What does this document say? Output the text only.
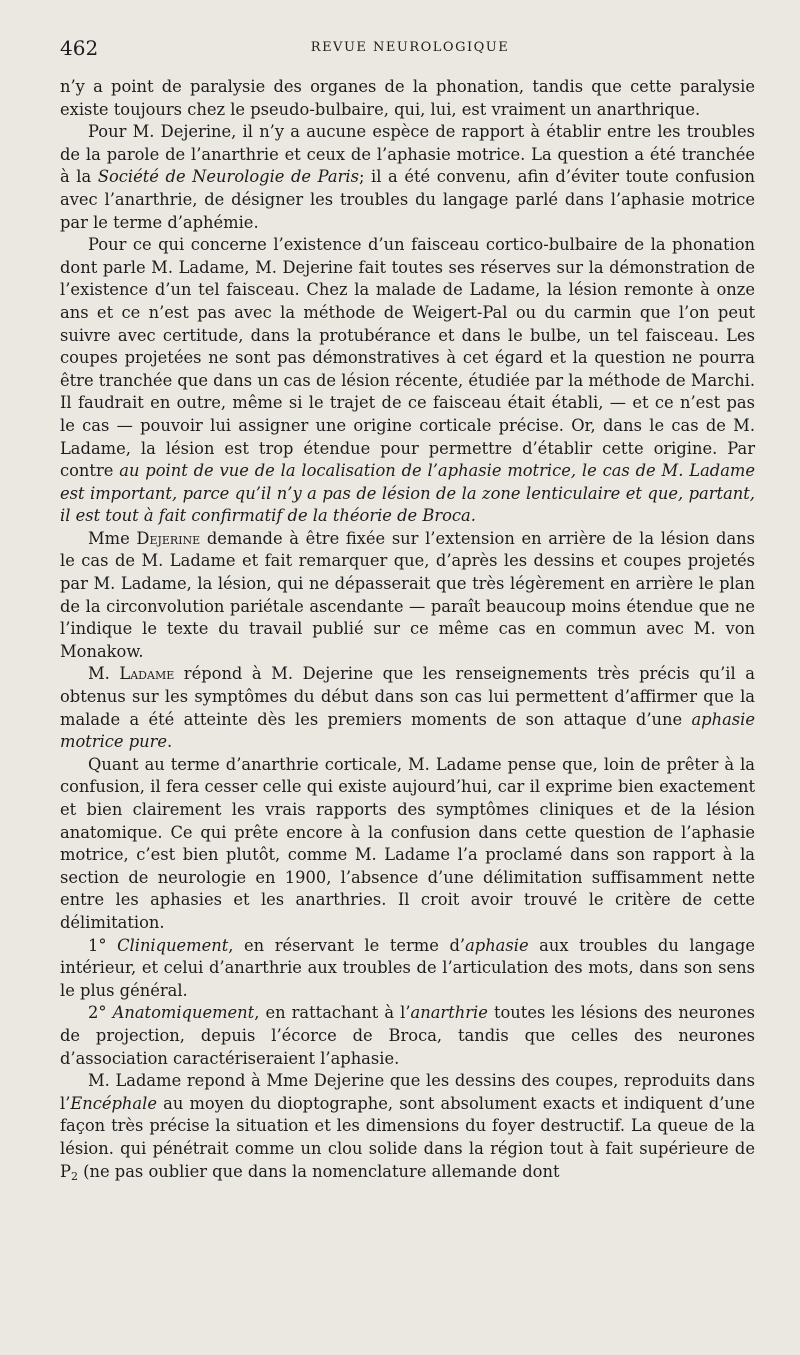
462	REVUE NEUROLOGIQUE

n’y a point de paralysie des organes de la phonation, tandis que cette paralysie existe toujours chez le pseudo-bulbaire, qui, lui, est vraiment un anarthrique.

Pour M. Dejerine, il n’y a aucune espèce de rapport à établir entre les troubles de la parole de l’anarthrie et ceux de l’aphasie motrice. La question a été tranchée à la Société de Neurologie de Paris; il a été convenu, afin d’éviter toute confusion avec l’anarthrie, de désigner les troubles du langage parlé dans l’aphasie motrice par le terme d’aphémie.

Pour ce qui concerne l’existence d’un faisceau cortico-bulbaire de la phonation dont parle M. Ladame, M. Dejerine fait toutes ses réserves sur la démonstration de l’existence d’un tel faisceau. Chez la malade de Ladame, la lésion remonte à onze ans et ce n’est pas avec la méthode de Weigert-Pal ou du carmin que l’on peut suivre avec certitude, dans la protubérance et dans le bulbe, un tel faisceau. Les coupes projetées ne sont pas démonstratives à cet égard et la question ne pourra être tranchée que dans un cas de lésion récente, étudiée par la méthode de Marchi. Il faudrait en outre, même si le trajet de ce faisceau était établi, — et ce n’est pas le cas — pouvoir lui assigner une origine corticale précise. Or, dans le cas de M. Ladame, la lésion est trop étendue pour permettre d’établir cette origine. Par contre au point de vue de la localisation de l’aphasie motrice, le cas de M. Ladame est important, parce qu’il n’y a pas de lésion de la zone lenticulaire et que, partant, il est tout à fait confirmatif de la théorie de Broca.

Mme Dejerine demande à être fixée sur l’extension en arrière de la lésion dans le cas de M. Ladame et fait remarquer que, d’après les dessins et coupes projetés par M. Ladame, la lésion, qui ne dépasserait que très légèrement en arrière le plan de la circonvolution pariétale ascendante — paraît beaucoup moins étendue que ne l’indique le texte du travail publié sur ce même cas en commun avec M. von Monakow.

M. Ladame répond à M. Dejerine que les renseignements très précis qu’il a obtenus sur les symptômes du début dans son cas lui permettent d’affirmer que la malade a été atteinte dès les premiers moments de son attaque d’une aphasie motrice pure.

Quant au terme d’anarthrie corticale, M. Ladame pense que, loin de prêter à la confusion, il fera cesser celle qui existe aujourd’hui, car il exprime bien exactement et bien clairement les vrais rapports des symptômes cliniques et de la lésion anatomique. Ce qui prête encore à la confusion dans cette question de l’aphasie motrice, c’est bien plutôt, comme M. Ladame l’a proclamé dans son rapport à la section de neurologie en 1900, l’absence d’une délimitation suffisamment nette entre les aphasies et les anarthries. Il croit avoir trouvé le critère de cette délimitation.

1° Cliniquement, en réservant le terme d’aphasie aux troubles du langage intérieur, et celui d’anarthrie aux troubles de l’articulation des mots, dans son sens le plus général.

2° Anatomiquement, en rattachant à l’anarthrie toutes les lésions des neurones de projection, depuis l’écorce de Broca, tandis que celles des neurones d’association caractériseraient l’aphasie.

M. Ladame repond à Mme Dejerine que les dessins des coupes, reproduits dans l’Encéphale au moyen du dioptographe, sont absolument exacts et indiquent d’une façon très précise la situation et les dimensions du foyer destructif. La queue de la lésion. qui pénétrait comme un clou solide dans la région tout à fait supérieure de $P_2$ (ne pas oublier que dans la nomenclature allemande dont
